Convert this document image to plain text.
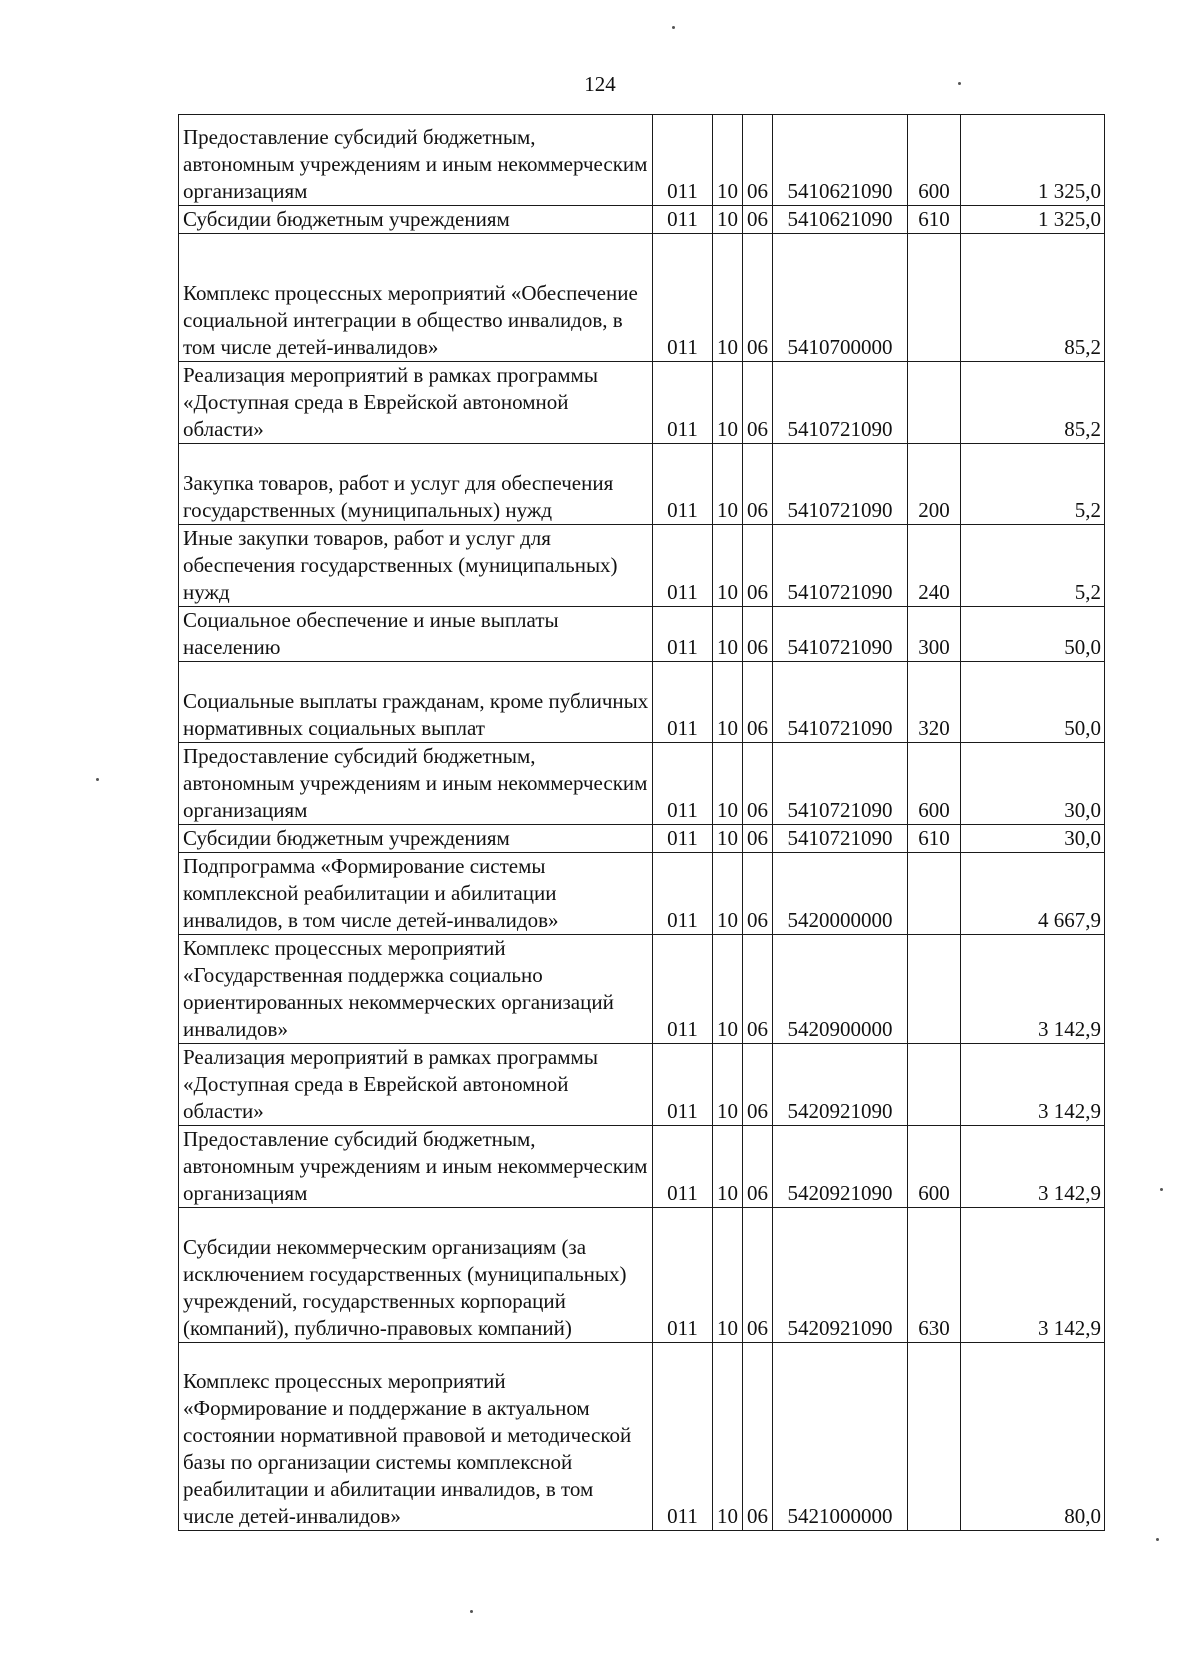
124
Предоставление субсидий бюджетным, автономным учреждениям и иным некоммерческим организациям	011	10	06	5410621090	600	1 325,0
Субсидии бюджетным учреждениям	011	10	06	5410621090	610	1 325,0
Комплекс процессных мероприятий «Обеспечение социальной интеграции в общество инвалидов, в том числе детей-инвалидов»	011	10	06	5410700000		85,2
Реализация мероприятий в рамках программы «Доступная среда в Еврейской автономной области»	011	10	06	5410721090		85,2
Закупка товаров, работ и услуг для обеспечения государственных (муниципальных) нужд	011	10	06	5410721090	200	5,2
Иные закупки товаров, работ и услуг для обеспечения государственных (муниципальных) нужд	011	10	06	5410721090	240	5,2
Социальное обеспечение и иные выплаты населению	011	10	06	5410721090	300	50,0
Социальные выплаты гражданам, кроме публичных нормативных социальных выплат	011	10	06	5410721090	320	50,0
Предоставление субсидий бюджетным, автономным учреждениям и иным некоммерческим организациям	011	10	06	5410721090	600	30,0
Субсидии бюджетным учреждениям	011	10	06	5410721090	610	30,0
Подпрограмма «Формирование системы комплексной реабилитации и абилитации инвалидов, в том числе детей-инвалидов»	011	10	06	5420000000		4 667,9
Комплекс процессных мероприятий «Государственная поддержка социально ориентированных некоммерческих организаций инвалидов»	011	10	06	5420900000		3 142,9
Реализация мероприятий в рамках программы «Доступная среда в Еврейской автономной области»	011	10	06	5420921090		3 142,9
Предоставление субсидий бюджетным, автономным учреждениям и иным некоммерческим организациям	011	10	06	5420921090	600	3 142,9
Субсидии некоммерческим организациям (за исключением государственных (муниципальных) учреждений, государственных корпораций (компаний), публично-правовых компаний)	011	10	06	5420921090	630	3 142,9
Комплекс процессных мероприятий «Формирование и поддержание в актуальном состоянии нормативной правовой и методической базы по организации системы комплексной реабилитации и абилитации инвалидов, в том числе детей-инвалидов»	011	10	06	5421000000		80,0
